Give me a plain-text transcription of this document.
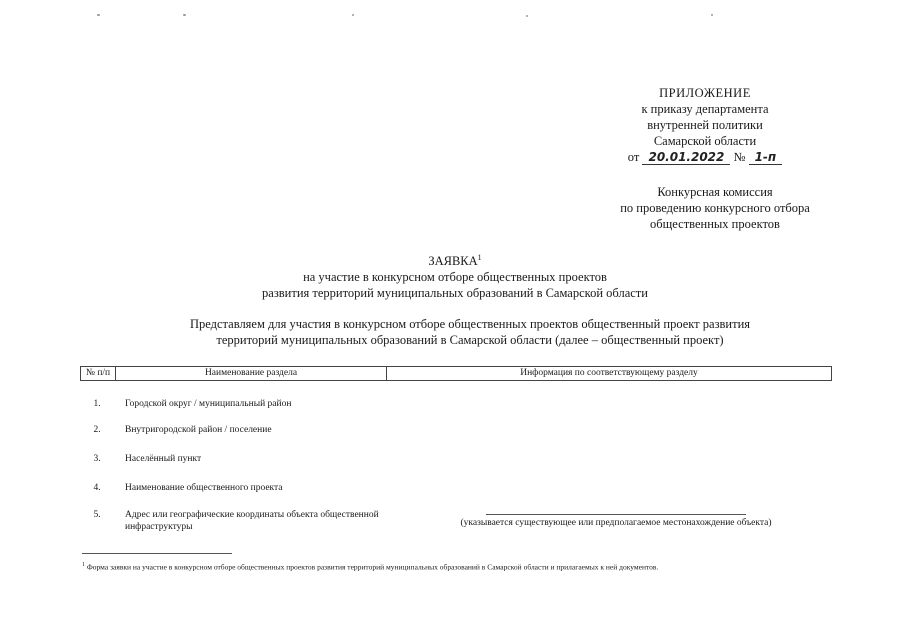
ПРИЛОЖЕНИЕ
к приказу департамента
внутренней политики
Самарской области
от 20.01.2022 № 1-п
Конкурсная комиссия
по проведению конкурсного отбора
общественных проектов
ЗАЯВКА$^1$
на участие в конкурсном отборе общественных проектов
развития территорий муниципальных образований в Самарской области
Представляем для участия в конкурсном отборе общественных проектов общественный проект развития
территорий муниципальных образований в Самарской области (далее – общественный проект)
№ п/п	Наименование раздела	Информация по соответствующему разделу
1.	Городской округ / муниципальный район
2.	Внутригородской район / поселение
3.	Населённый пункт
4.	Наименование общественного проекта
5.	Адрес или географические координаты объекта общественной инфраструктуры	(указывается существующее или предполагаемое местонахождение объекта)
$^1$ Форма заявки на участие в конкурсном отборе общественных проектов развития территорий муниципальных образований в Самарской области и прилагаемых к ней документов.
